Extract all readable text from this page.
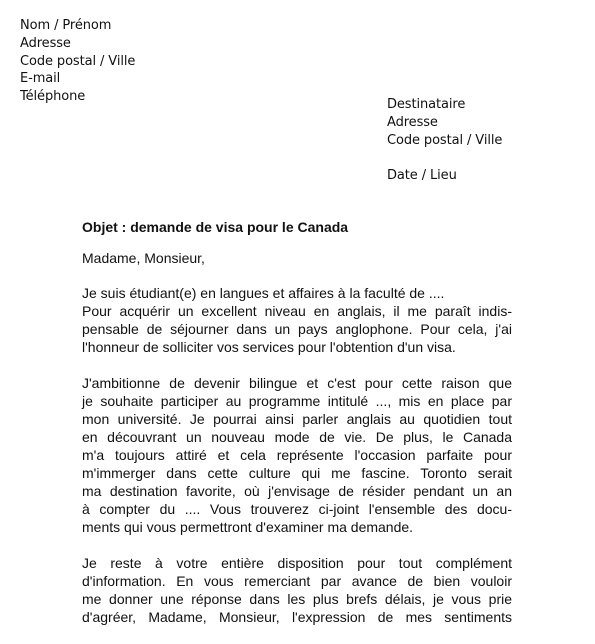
Nom / Prénom
Adresse
Code postal / Ville
E-mail
Téléphone
Destinataire
Adresse
Code postal / Ville
Date / Lieu
Objet : demande de visa pour le Canada
Madame, Monsieur,
Je suis étudiant(e) en langues et affaires à la faculté de ....
Pour acquérir un excellent niveau en anglais, il me paraît indis-
pensable de séjourner dans un pays anglophone. Pour cela, j'ai
l'honneur de solliciter vos services pour l'obtention d'un visa.
J'ambitionne de devenir bilingue et c'est pour cette raison que
je souhaite participer au programme intitulé ..., mis en place par
mon université. Je pourrai ainsi parler anglais au quotidien tout
en découvrant un nouveau mode de vie. De plus, le Canada
m'a toujours attiré et cela représente l'occasion parfaite pour
m'immerger dans cette culture qui me fascine. Toronto serait
ma destination favorite, où j'envisage de résider pendant un an
à compter du .... Vous trouverez ci-joint l'ensemble des docu-
ments qui vous permettront d'examiner ma demande.
Je reste à votre entière disposition pour tout complément
d'information. En vous remerciant par avance de bien vouloir
me donner une réponse dans les plus brefs délais, je vous prie
d'agréer, Madame, Monsieur, l'expression de mes sentiments
